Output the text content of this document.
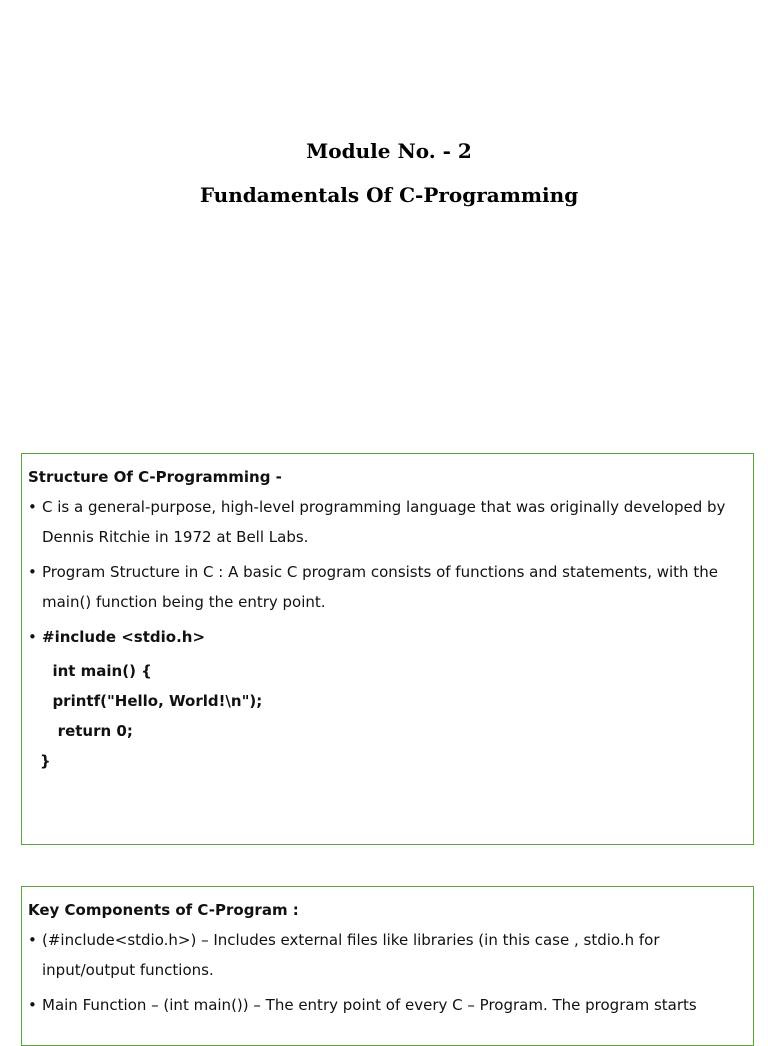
Module No. - 2
Fundamentals Of C-Programming
Structure Of C-Programming -
• C is a general-purpose, high-level programming language that was originally developed by Dennis Ritchie in 1972 at Bell Labs.
• Program Structure in C : A basic C program consists of functions and statements, with the main() function being the entry point.
• #include <stdio.h>
int main() {
printf("Hello, World!\n");
return 0;
}
Key Components of C-Program :
• (#include<stdio.h>) – Includes external files like libraries (in this case , stdio.h for input/output functions.
• Main Function – (int main()) – The entry point of every C – Program. The program starts
